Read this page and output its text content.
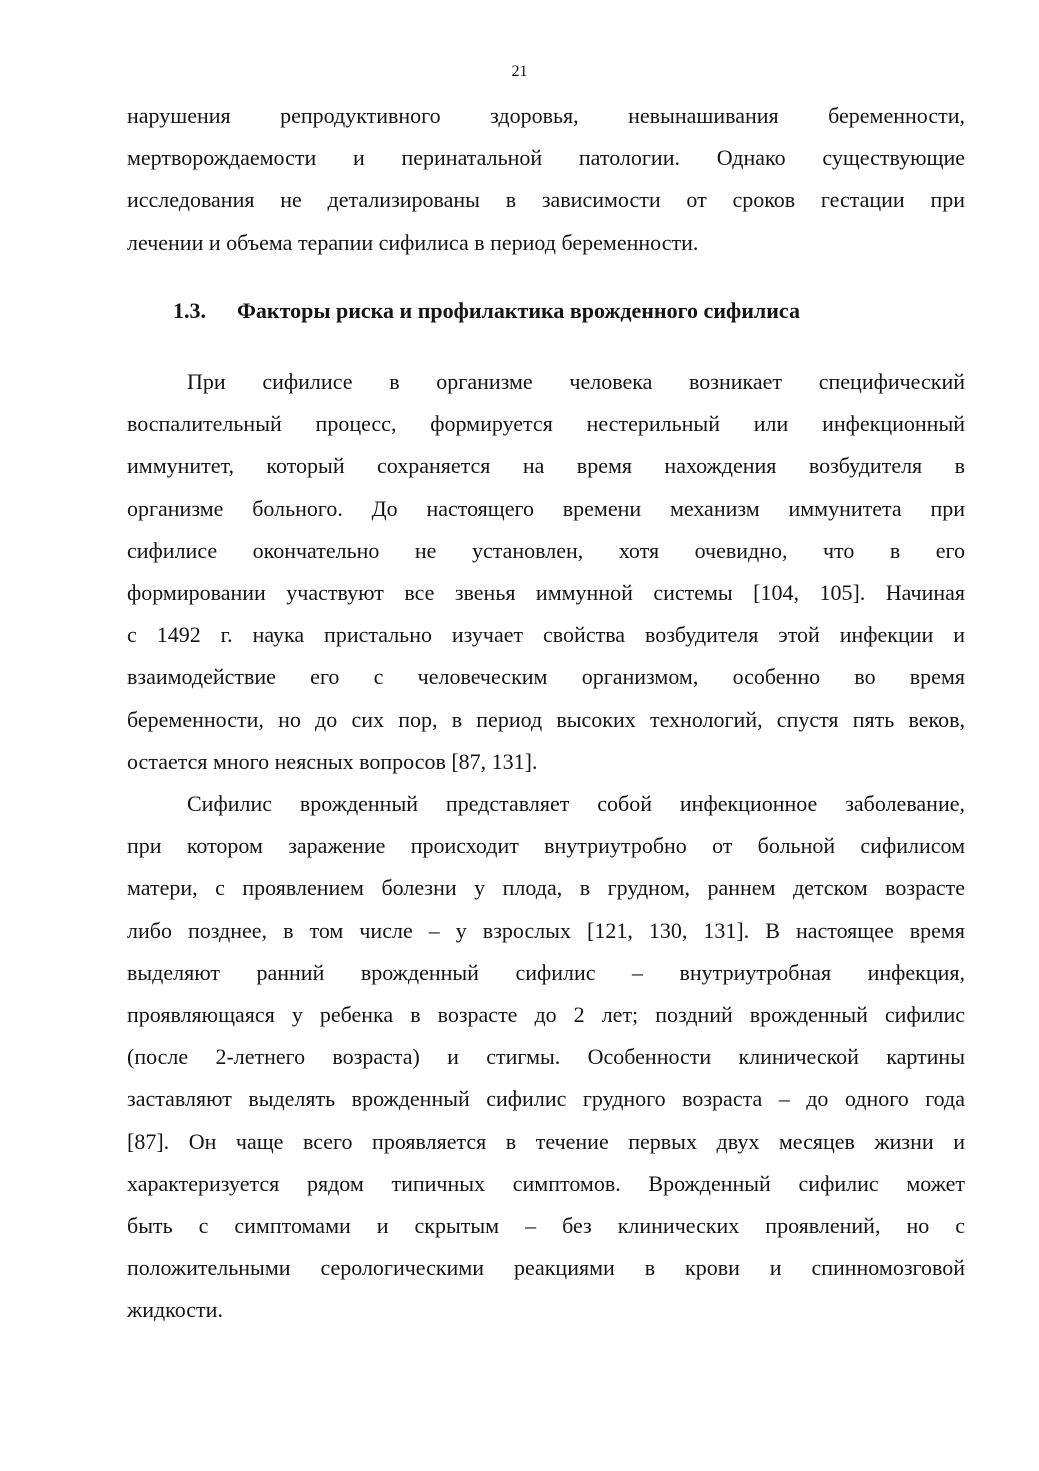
21
нарушения репродуктивного здоровья, невынашивания беременности,
мертворождаемости и перинатальной патологии. Однако существующие
исследования не детализированы в зависимости от сроков гестации при
лечении и объема терапии сифилиса в период беременности.
1.3. Факторы риска и профилактика врожденного сифилиса
При сифилисе в организме человека возникает специфический
воспалительный процесс, формируется нестерильный или инфекционный
иммунитет, который сохраняется на время нахождения возбудителя в
организме больного. До настоящего времени механизм иммунитета при
сифилисе окончательно не установлен, хотя очевидно, что в его
формировании участвуют все звенья иммунной системы [104, 105]. Начиная
с 1492 г. наука пристально изучает свойства возбудителя этой инфекции и
взаимодействие его с человеческим организмом, особенно во время
беременности, но до сих пор, в период высоких технологий, спустя пять веков,
остается много неясных вопросов [87, 131].
Сифилис врожденный представляет собой инфекционное заболевание,
при котором заражение происходит внутриутробно от больной сифилисом
матери, с проявлением болезни у плода, в грудном, раннем детском возрасте
либо позднее, в том числе – у взрослых [121, 130, 131]. В настоящее время
выделяют ранний врожденный сифилис – внутриутробная инфекция,
проявляющаяся у ребенка в возрасте до 2 лет; поздний врожденный сифилис
(после 2-летнего возраста) и стигмы. Особенности клинической картины
заставляют выделять врожденный сифилис грудного возраста – до одного года
[87]. Он чаще всего проявляется в течение первых двух месяцев жизни и
характеризуется рядом типичных симптомов. Врожденный сифилис может
быть с симптомами и скрытым – без клинических проявлений, но с
положительными серологическими реакциями в крови и спинномозговой
жидкости.
